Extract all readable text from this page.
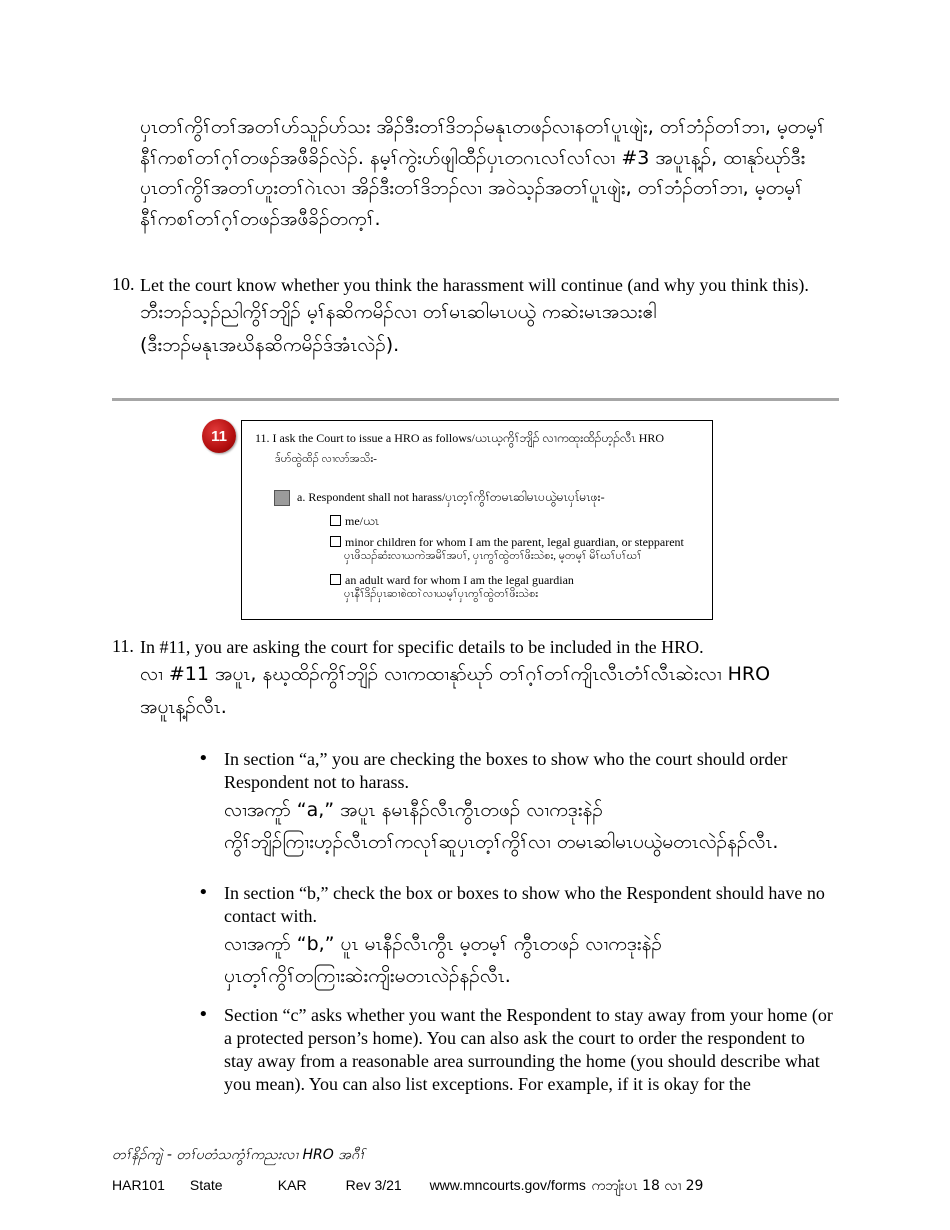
ပှၤတၢ်ကွိၢ်တၢ်အတၢ်ဟ်သူၣ်ဟ်သး အိၣ်ဒီးတၢ်ဒိဘၣ်မနုၤတဖၣ်လၢနတၢ်ပူၤဖျဲး, တၢ်ဘံၣ်တၢ်ဘၢ, မ့တမ့ၢ်
နီၢ်ကစၢ်တၢ်ဂ့ၢ်တဖၣ်အဖီခိၣ်လဲၣ်. နမ့ၢ်ကွဲးဟ်ဖျါထီၣ်ပှၤတဂၤလၢ်လၢ်လၢ #3 အပူၤန့ၣ်, ထၢနုာ်ဃုာ်ဒီး
ပှၤတၢ်ကွိၢ်အတၢ်ဟူးတၢ်ဂဲၤလၢ အိၣ်ဒီးတၢ်ဒိဘၣ်လၢ အဝဲသ့ၣ်အတၢ်ပူၤဖျဲး, တၢ်ဘံၣ်တၢ်ဘၢ, မ့တမ့ၢ်
နီၢ်ကစၢ်တၢ်ဂ့ၢ်တဖၣ်အဖီခိၣ်တက့ၢ်.
10. Let the court know whether you think the harassment will continue (and why you think this).
ဘီးဘၣ်သ့ၣ်ညါကွိၢ်ဘျိၣ် မ့ၢ်နဆိကမိၣ်လၢ တၢ်မၤဆါမၤပယွဲ ကဆဲးမၤအသးဧါ
(ဒီးဘၣ်မနုၤအဃိနဆိကမိၣ်ဒ်အံၤလဲၣ်).
11	11. I ask the Court to issue a HRO as follows/ယၤယ့ကွိၢ်ဘျိၣ် လၢကထုးထိၣ်ဟ့ၣ်လီၤ HRO
ဒ်ဟ်ထွဲထိၣ် လၢလာ်အသိး-
a. Respondent shall not harass/ပှၤတ့ၢ်ကွိၢ်တမၤဆါမၤပယွဲမၤပှၤ်မၤဖုး-
me/ယၤ
minor children for whom I am the parent, legal guardian, or stepparent
ပှၤဖိသၣ်ဆံးလၢယကဲအမိၢ်အပၢ်, ပှၤကွၢ်ထွဲတၢ်ဖိးသဲစး, မ့တမ့ၢ် မိၢ်ဃၢ်ပၢ်ဃၢ်
an adult ward for whom I am the legal guardian
ပှၤနီၢ်ဒိၣ်ပှၤဆၢစဲထၢဲ လၢယမ့ၢ်ပှၤကွၢ်ထွဲတၢ်ဖိးသဲစး
11. In #11, you are asking the court for specific details to be included in the HRO.
လၢ #11 အပူၤ, နဃ့ထိၣ်ကွိၢ်ဘျိၣ် လၢကထၢနုာ်ဃုာ် တၢ်ဂ့ၢ်တၢ်ကျိၤလီၤတံၢ်လီၤဆဲးလၢ HRO
အပူၤန့ၣ်လီၤ.
• In section “a,” you are checking the boxes to show who the court should order Respondent not to harass.
လၢအကူာ် “a,” အပူၤ နမၤနီၣ်လီၤကွီၤတဖၣ် လၢကဒုးနဲၣ်
ကွိၢ်ဘျိၣ်ကြၢးဟ့ၣ်လီၤတၢ်ကလုၢ်ဆူပှၤတ့ၢ်ကွိၢ်လၢ တမၤဆါမၤပယွဲမတၤလဲၣ်နၣ်လီၤ.
• In section “b,” check the box or boxes to show who the Respondent should have no contact with.
လၢအကူာ် “b,” ပူၤ မၤနီၣ်လီၤကွီၤ မ့တမ့ၢ် ကွီၤတဖၣ် လၢကဒုးနဲၣ်
ပှၤတ့ၢ်ကွိၢ်တကြၢးဆဲးကျိးမတၤလဲၣ်နၣ်လီၤ.
• Section “c” asks whether you want the Respondent to stay away from your home (or a protected person’s home). You can also ask the court to order the respondent to stay away from a reasonable area surrounding the home (you should describe what you mean). You can also list exceptions. For example, if it is okay for the
တၢ်နိၣ်ကျဲ - တၢ်ပတံသကွံၢ်ကညးလၢ HRO အဂီၢ်
HAR101 State	KAR	Rev 3/21 www.mncourts.gov/forms ကဘျံးပၤ 18 လၢ 29
